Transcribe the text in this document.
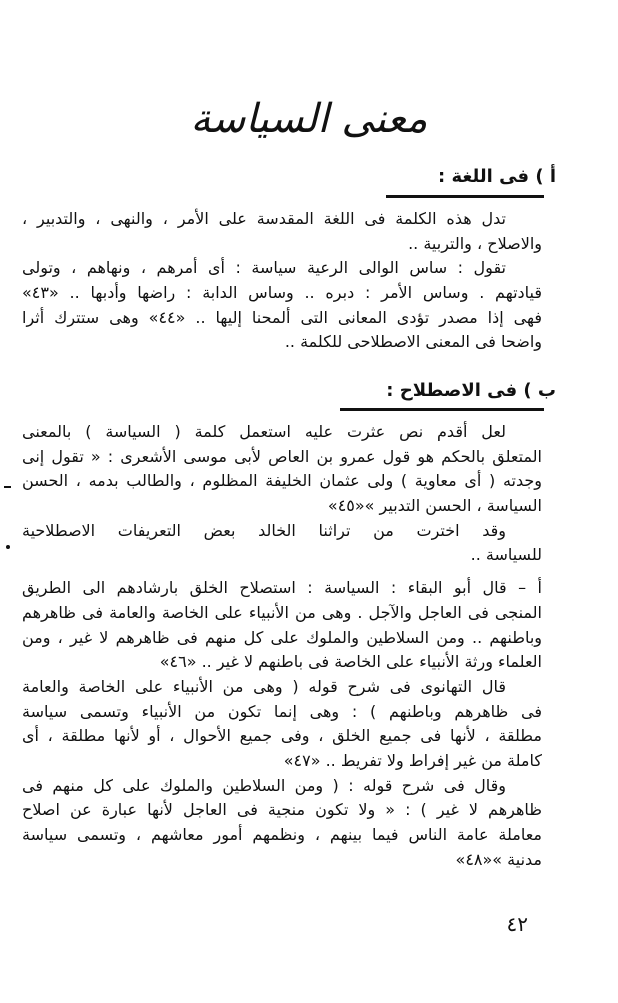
معنى السياسة
أ ) فى اللغة :
تدل هذه الكلمة فى اللغة المقدسة على الأمر ، والنهى ، والتدبير ،
والاصلاح ، والتربية ..
تقول : ساس الوالى الرعية سياسة : أى أمرهم ، ونهاهم ، وتولى
قيادتهم . وساس الأمر : دبره .. وساس الدابة : راضها وأدبها .. «٤٣»
فهى إذا مصدر تؤدى المعانى التى ألمحنا إليها .. «٤٤» وهى ستترك أثرا
واضحا فى المعنى الاصطلاحى للكلمة ..
ب ) فى الاصطلاح :
لعل أقدم نص عثرت عليه استعمل كلمة ( السياسة ) بالمعنى
المتعلق بالحكم هو قول عمرو بن العاص لأبى موسى الأشعرى : « تقول إنى
وجدته ( أى معاوية ) ولى عثمان الخليفة المظلوم ، والطالب بدمه ، الحسن
السياسة ، الحسن التدبير »«٤٥»
وقد اخترت من تراثنا الخالد بعض التعريفات الاصطلاحية
للسياسة ..
أ – قال أبو البقاء : السياسة : استصلاح الخلق بارشادهم الى الطريق
المنجى فى العاجل والآجل . وهى من الأنبياء على الخاصة والعامة فى ظاهرهم
وباطنهم .. ومن السلاطين والملوك على كل منهم فى ظاهرهم لا غير ، ومن
العلماء ورثة الأنبياء على الخاصة فى باطنهم لا غير .. «٤٦»
قال التهانوى فى شرح قوله ( وهى من الأنبياء على الخاصة والعامة
فى ظاهرهم وباطنهم ) : وهى إنما تكون من الأنبياء وتسمى سياسة
مطلقة ، لأنها فى جميع الخلق ، وفى جميع الأحوال ، أو لأنها مطلقة ، أى
كاملة من غير إفراط ولا تفريط .. «٤٧»
وقال فى شرح قوله : ( ومن السلاطين والملوك على كل منهم فى
ظاهرهم لا غير ) : « ولا تكون منجية فى العاجل لأنها عبارة عن اصلاح
معاملة عامة الناس فيما بينهم ، ونظمهم أمور معاشهم ، وتسمى سياسة
مدنية »«٤٨»
٤٢
